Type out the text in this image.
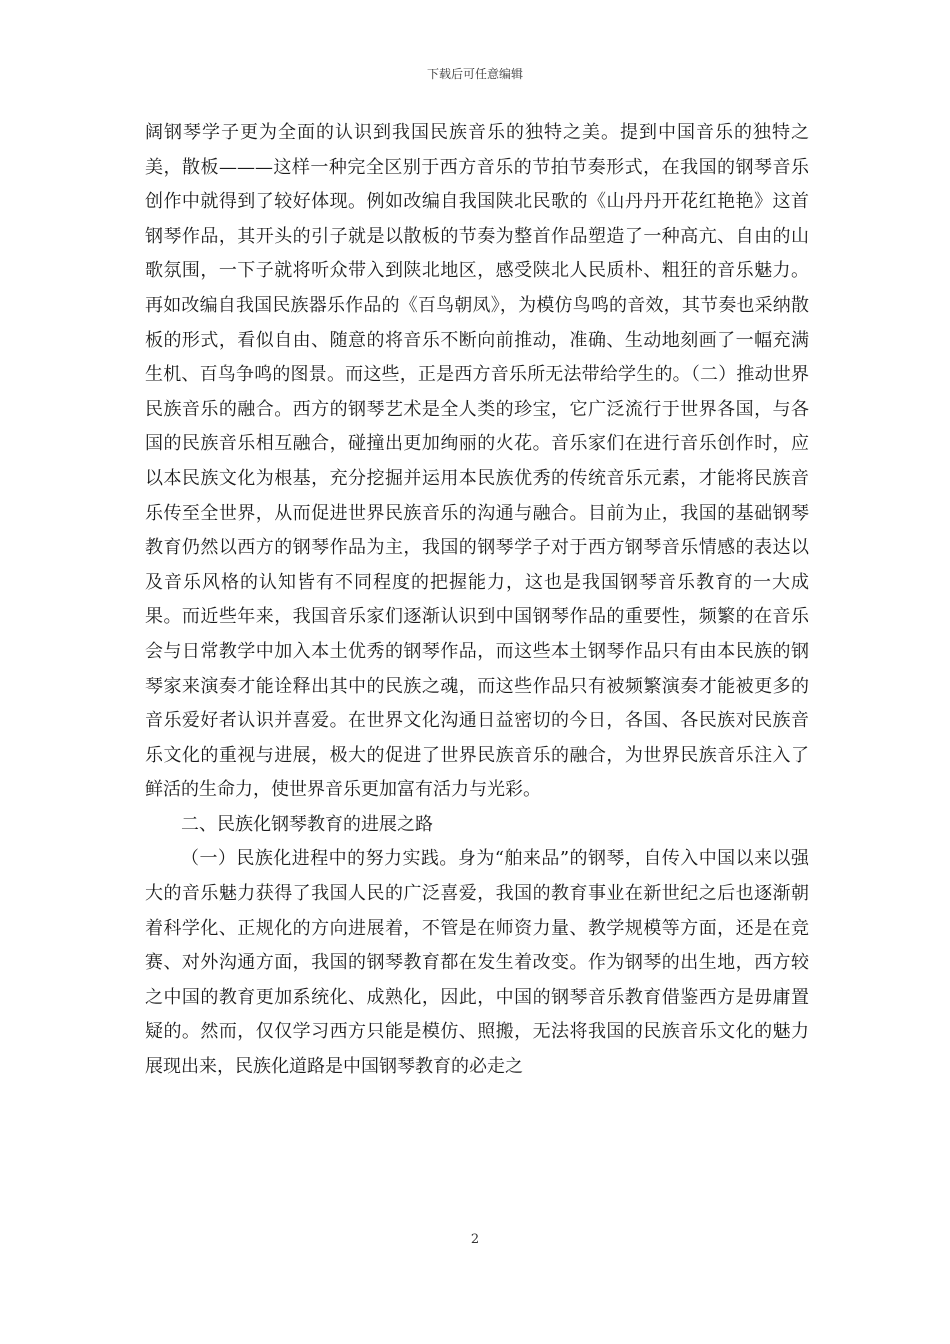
下载后可任意编辑

阔钢琴学子更为全面的认识到我国民族音乐的独特之美。提到中国音乐的独特之美，散板———这样一种完全区别于西方音乐的节拍节奏形式，在我国的钢琴音乐创作中就得到了较好体现。例如改编自我国陕北民歌的《山丹丹开花红艳艳》这首钢琴作品，其开头的引子就是以散板的节奏为整首作品塑造了一种高亢、自由的山歌氛围，一下子就将听众带入到陕北地区，感受陕北人民质朴、粗狂的音乐魅力。再如改编自我国民族器乐作品的《百鸟朝凤》，为模仿鸟鸣的音效，其节奏也采纳散板的形式，看似自由、随意的将音乐不断向前推动，准确、生动地刻画了一幅充满生机、百鸟争鸣的图景。而这些，正是西方音乐所无法带给学生的。（二）推动世界民族音乐的融合。西方的钢琴艺术是全人类的珍宝，它广泛流行于世界各国，与各国的民族音乐相互融合，碰撞出更加绚丽的火花。音乐家们在进行音乐创作时，应以本民族文化为根基，充分挖掘并运用本民族优秀的传统音乐元素，才能将民族音乐传至全世界，从而促进世界民族音乐的沟通与融合。目前为止，我国的基础钢琴教育仍然以西方的钢琴作品为主，我国的钢琴学子对于西方钢琴音乐情感的表达以及音乐风格的认知皆有不同程度的把握能力，这也是我国钢琴音乐教育的一大成果。而近些年来，我国音乐家们逐渐认识到中国钢琴作品的重要性，频繁的在音乐会与日常教学中加入本土优秀的钢琴作品，而这些本土钢琴作品只有由本民族的钢琴家来演奏才能诠释出其中的民族之魂，而这些作品只有被频繁演奏才能被更多的音乐爱好者认识并喜爱。在世界文化沟通日益密切的今日，各国、各民族对民族音乐文化的重视与进展，极大的促进了世界民族音乐的融合，为世界民族音乐注入了鲜活的生命力，使世界音乐更加富有活力与光彩。

二、民族化钢琴教育的进展之路

（一）民族化进程中的努力实践。身为“舶来品”的钢琴，自传入中国以来以强大的音乐魅力获得了我国人民的广泛喜爱，我国的教育事业在新世纪之后也逐渐朝着科学化、正规化的方向进展着，不管是在师资力量、教学规模等方面，还是在竞赛、对外沟通方面，我国的钢琴教育都在发生着改变。作为钢琴的出生地，西方较之中国的教育更加系统化、成熟化，因此，中国的钢琴音乐教育借鉴西方是毋庸置疑的。然而，仅仅学习西方只能是模仿、照搬，无法将我国的民族音乐文化的魅力展现出来，民族化道路是中国钢琴教育的必走之

2
